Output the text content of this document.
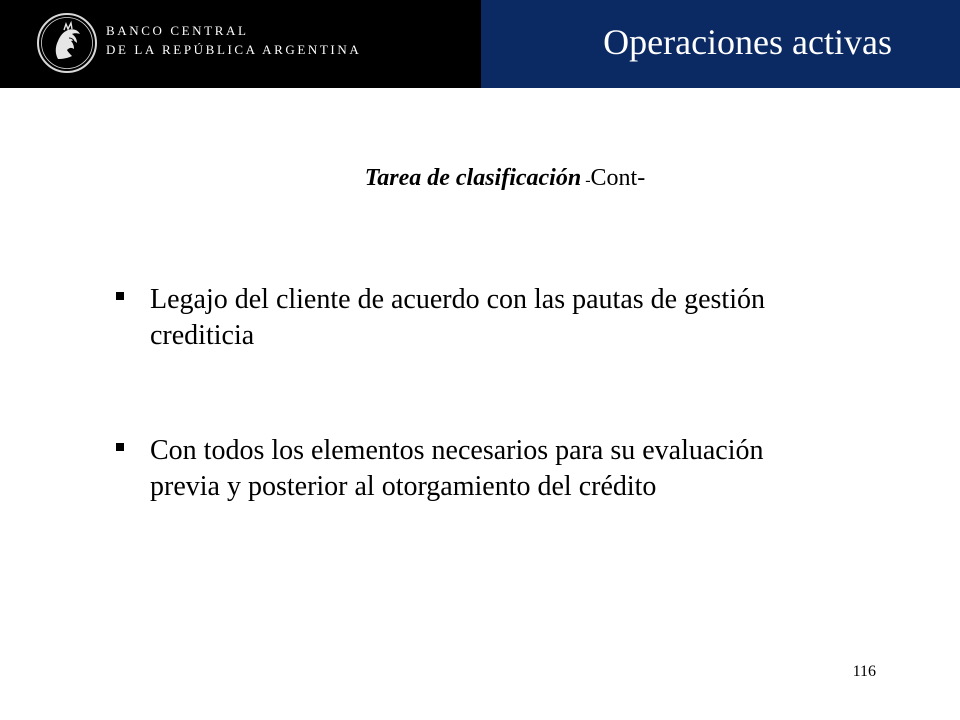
BANCO CENTRAL
DE LA REPÚBLICA ARGENTINA	Operaciones activas
Tarea de clasificación -Cont-
Legajo del cliente de acuerdo con las pautas de gestión
crediticia
Con todos los elementos necesarios para su evaluación
previa y posterior al otorgamiento del crédito
116
